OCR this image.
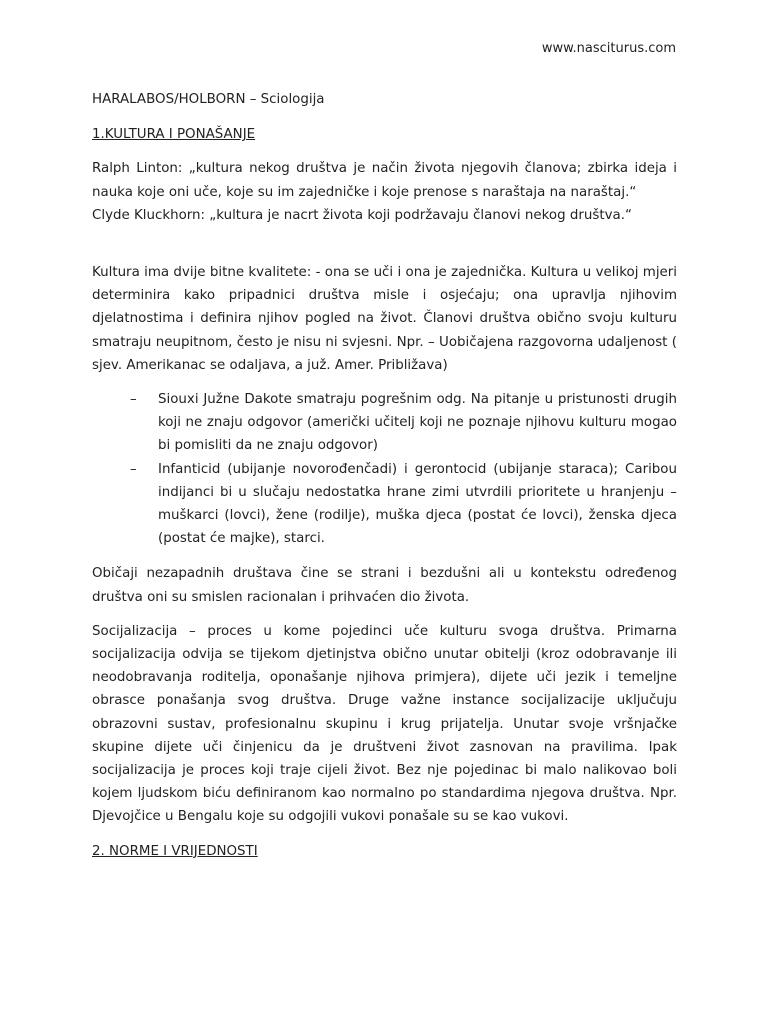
www.nasciturus.com

HARALABOS/HOLBORN – Sciologija

1.KULTURA I PONAŠANJE

Ralph Linton: „kultura nekog društva je način života njegovih članova; zbirka ideja i nauka koje oni uče, koje su im zajedničke i koje prenose s naraštaja na naraštaj.“

Clyde Kluckhorn: „kultura je nacrt života koji podržavaju članovi nekog društva.“

Kultura ima dvije bitne kvalitete: - ona se uči i ona je zajednička. Kultura u velikoj mjeri determinira kako pripadnici društva misle i osjećaju; ona upravlja njihovim djelatnostima i definira njihov pogled na život. Članovi društva obično svoju kulturu smatraju neupitnom, često je nisu ni svjesni. Npr. – Uobičajena razgovorna udaljenost ( sjev. Amerikanac se odaljava, a juž. Amer. Približava)

– Siouxi Južne Dakote smatraju pogrešnim odg. Na pitanje u pristunosti drugih koji ne znaju odgovor (američki učitelj koji ne poznaje njihovu kulturu mogao bi pomisliti da ne znaju odgovor)
– Infanticid (ubijanje novorođenčadi) i gerontocid (ubijanje staraca); Caribou indijanci bi u slučaju nedostatka hrane zimi utvrdili prioritete u hranjenju – muškarci (lovci), žene (rodilje), muška djeca (postat će lovci), ženska djeca (postat će majke), starci.

Običaji nezapadnih društava čine se strani i bezdušni ali u kontekstu određenog društva oni su smislen racionalan i prihvaćen dio života.

Socijalizacija – proces u kome pojedinci uče kulturu svoga društva. Primarna socijalizacija odvija se tijekom djetinjstva obično unutar obitelji (kroz odobravanje ili neodobravanja roditelja, oponašanje njihova primjera), dijete uči jezik i temeljne obrasce ponašanja svog društva. Druge važne instance socijalizacije uključuju obrazovni sustav, profesionalnu skupinu i krug prijatelja. Unutar svoje vršnjačke skupine dijete uči činjenicu da je društveni život zasnovan na pravilima. Ipak socijalizacija je proces koji traje cijeli život. Bez nje pojedinac bi malo nalikovao boli kojem ljudskom biću definiranom kao normalno po standardima njegova društva. Npr. Djevojčice u Bengalu koje su odgojili vukovi ponašale su se kao vukovi.

2. NORME I VRIJEDNOSTI
